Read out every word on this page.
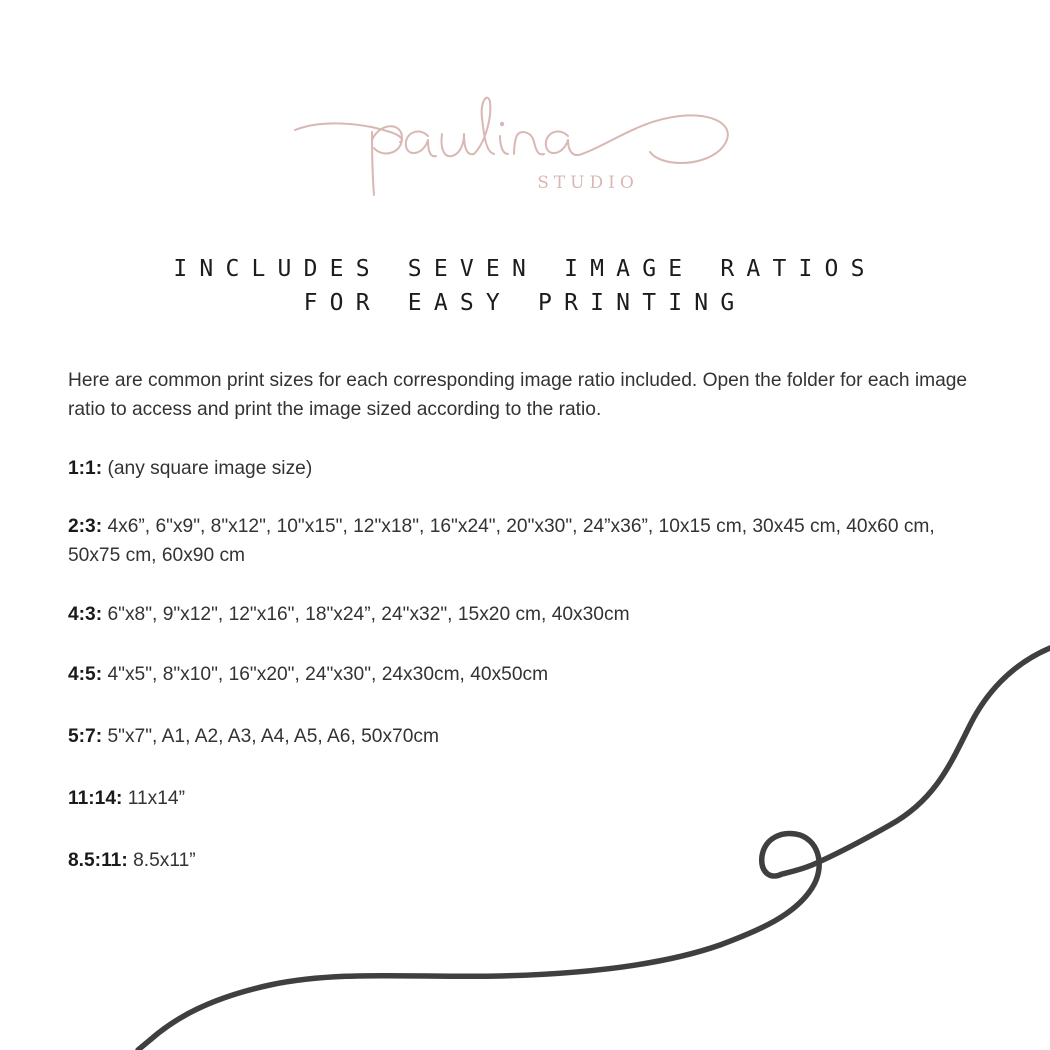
STUDIO
INCLUDES SEVEN IMAGE RATIOS
FOR EASY PRINTING
Here are common print sizes for each corresponding image ratio included. Open the folder for each image ratio to access and print the image sized according to the ratio.
1:1: (any square image size)
2:3: 4x6”, 6"x9", 8"x12", 10"x15", 12"x18", 16"x24", 20"x30", 24”x36”, 10x15 cm, 30x45 cm, 40x60 cm, 50x75 cm, 60x90 cm
4:3: 6"x8", 9"x12", 12"x16", 18"x24”, 24"x32", 15x20 cm, 40x30cm
4:5: 4"x5", 8"x10", 16"x20", 24"x30", 24x30cm, 40x50cm
5:7: 5"x7", A1, A2, A3, A4, A5, A6, 50x70cm
11:14: 11x14”
8.5:11: 8.5x11”
